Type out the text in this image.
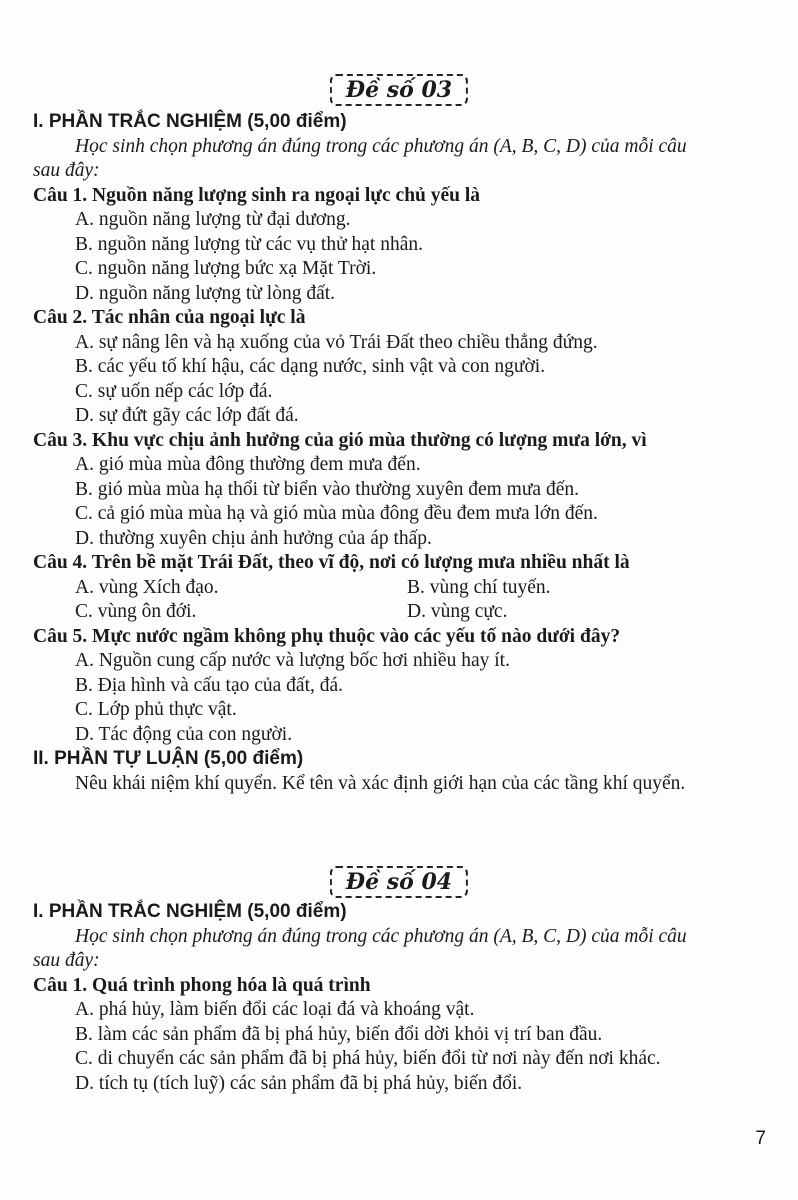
Đề số 03
I. PHẦN TRẮC NGHIỆM (5,00 điểm)
Học sinh chọn phương án đúng trong các phương án (A, B, C, D) của mỗi câu
sau đây:
Câu 1. Nguồn năng lượng sinh ra ngoại lực chủ yếu là
A. nguồn năng lượng từ đại dương.
B. nguồn năng lượng từ các vụ thử hạt nhân.
C. nguồn năng lượng bức xạ Mặt Trời.
D. nguồn năng lượng từ lòng đất.
Câu 2. Tác nhân của ngoại lực là
A. sự nâng lên và hạ xuống của vỏ Trái Đất theo chiều thẳng đứng.
B. các yếu tố khí hậu, các dạng nước, sinh vật và con người.
C. sự uốn nếp các lớp đá.
D. sự đứt gãy các lớp đất đá.
Câu 3. Khu vực chịu ảnh hưởng của gió mùa thường có lượng mưa lớn, vì
A. gió mùa mùa đông thường đem mưa đến.
B. gió mùa mùa hạ thổi từ biển vào thường xuyên đem mưa đến.
C. cả gió mùa mùa hạ và gió mùa mùa đông đều đem mưa lớn đến.
D. thường xuyên chịu ảnh hưởng của áp thấp.
Câu 4. Trên bề mặt Trái Đất, theo vĩ độ, nơi có lượng mưa nhiều nhất là
A. vùng Xích đạo.	B. vùng chí tuyến.
C. vùng ôn đới.	D. vùng cực.
Câu 5. Mực nước ngầm không phụ thuộc vào các yếu tố nào dưới đây?
A. Nguồn cung cấp nước và lượng bốc hơi nhiều hay ít.
B. Địa hình và cấu tạo của đất, đá.
C. Lớp phủ thực vật.
D. Tác động của con người.
II. PHẦN TỰ LUẬN (5,00 điểm)
Nêu khái niệm khí quyển. Kể tên và xác định giới hạn của các tầng khí quyển.
Đề số 04
I. PHẦN TRẮC NGHIỆM (5,00 điểm)
Học sinh chọn phương án đúng trong các phương án (A, B, C, D) của mỗi câu
sau đây:
Câu 1. Quá trình phong hóa là quá trình
A. phá hủy, làm biến đổi các loại đá và khoáng vật.
B. làm các sản phẩm đã bị phá hủy, biến đổi dời khỏi vị trí ban đầu.
C. di chuyển các sản phẩm đã bị phá hủy, biến đổi từ nơi này đến nơi khác.
D. tích tụ (tích luỹ) các sản phẩm đã bị phá hủy, biến đổi.
7
